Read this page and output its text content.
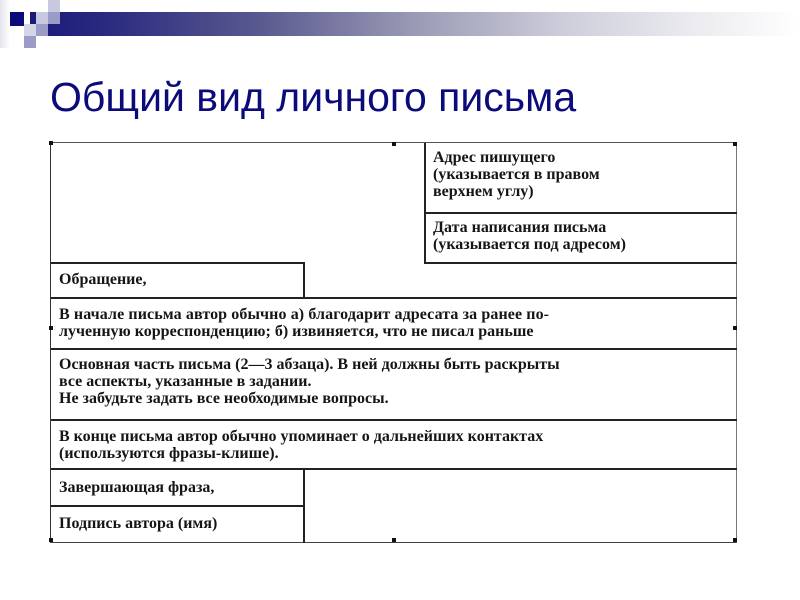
Общий вид личного письма
Адрес пишущего
(указывается в правом
верхнем углу)
Дата написания письма
(указывается под адресом)
Обращение,
В начале письма автор обычно а) благодарит адресата за ранее по-
лученную корреспонденцию; б) извиняется, что не писал раньше
Основная часть письма (2—3 абзаца). В ней должны быть раскрыты
все аспекты, указанные в задании.
Не забудьте задать все необходимые вопросы.
В конце письма автор обычно упоминает о дальнейших контактах
(используются фразы-клише).
Завершающая фраза,
Подпись автора (имя)
